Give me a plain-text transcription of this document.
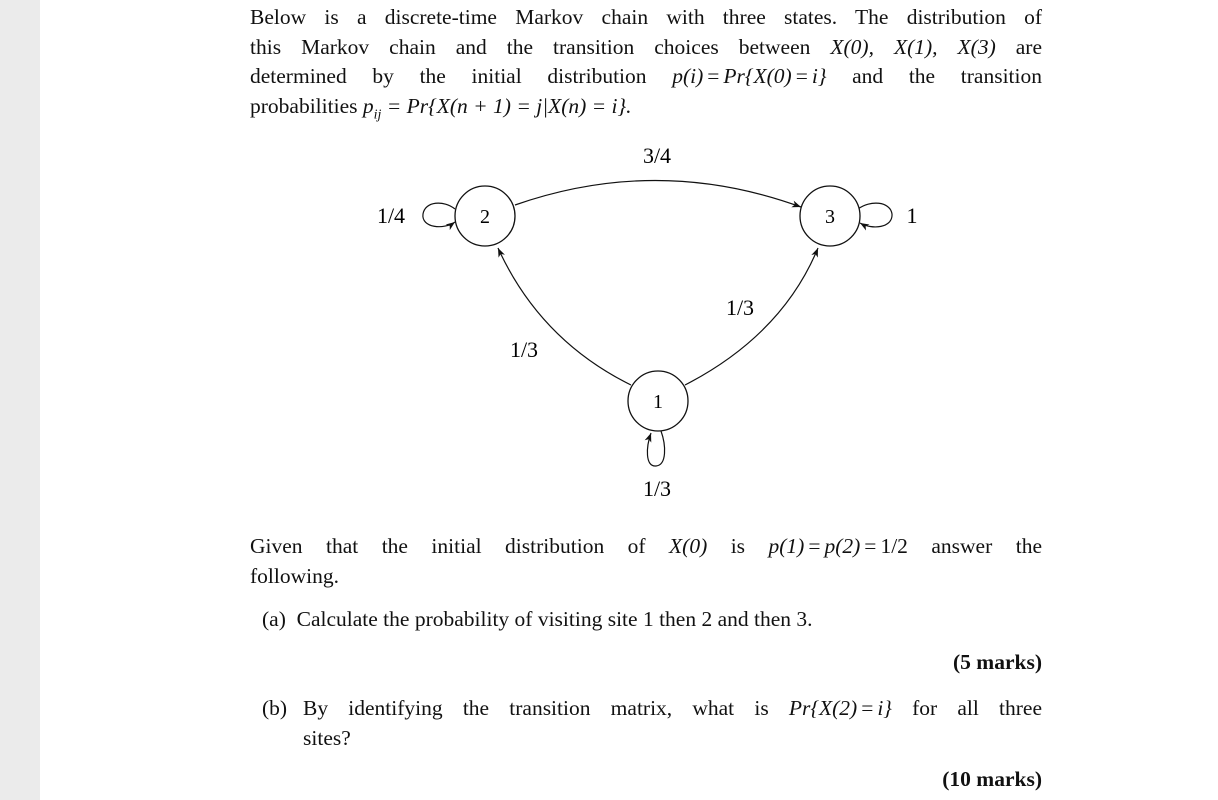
Below is a discrete-time Markov chain with three states. The distribution of
this Markov chain and the transition choices between X(0), X(1), X(3) are
determined by the initial distribution p(i) = Pr{X(0) = i} and the transition
probabilities $p_{ij} = Pr\{X(n + 1) = j|X(n) = i\}$.
3/4
1/4	1
1/3
1/3
1/3
2	3
1
Given that the initial distribution of X(0) is p(1) = p(2) = 1/2 answer the
following.
(a) Calculate the probability of visiting site 1 then 2 and then 3.
(5 marks)
(b) By identifying the transition matrix, what is Pr{X(2) = i} for all three
sites?
(10 marks)
